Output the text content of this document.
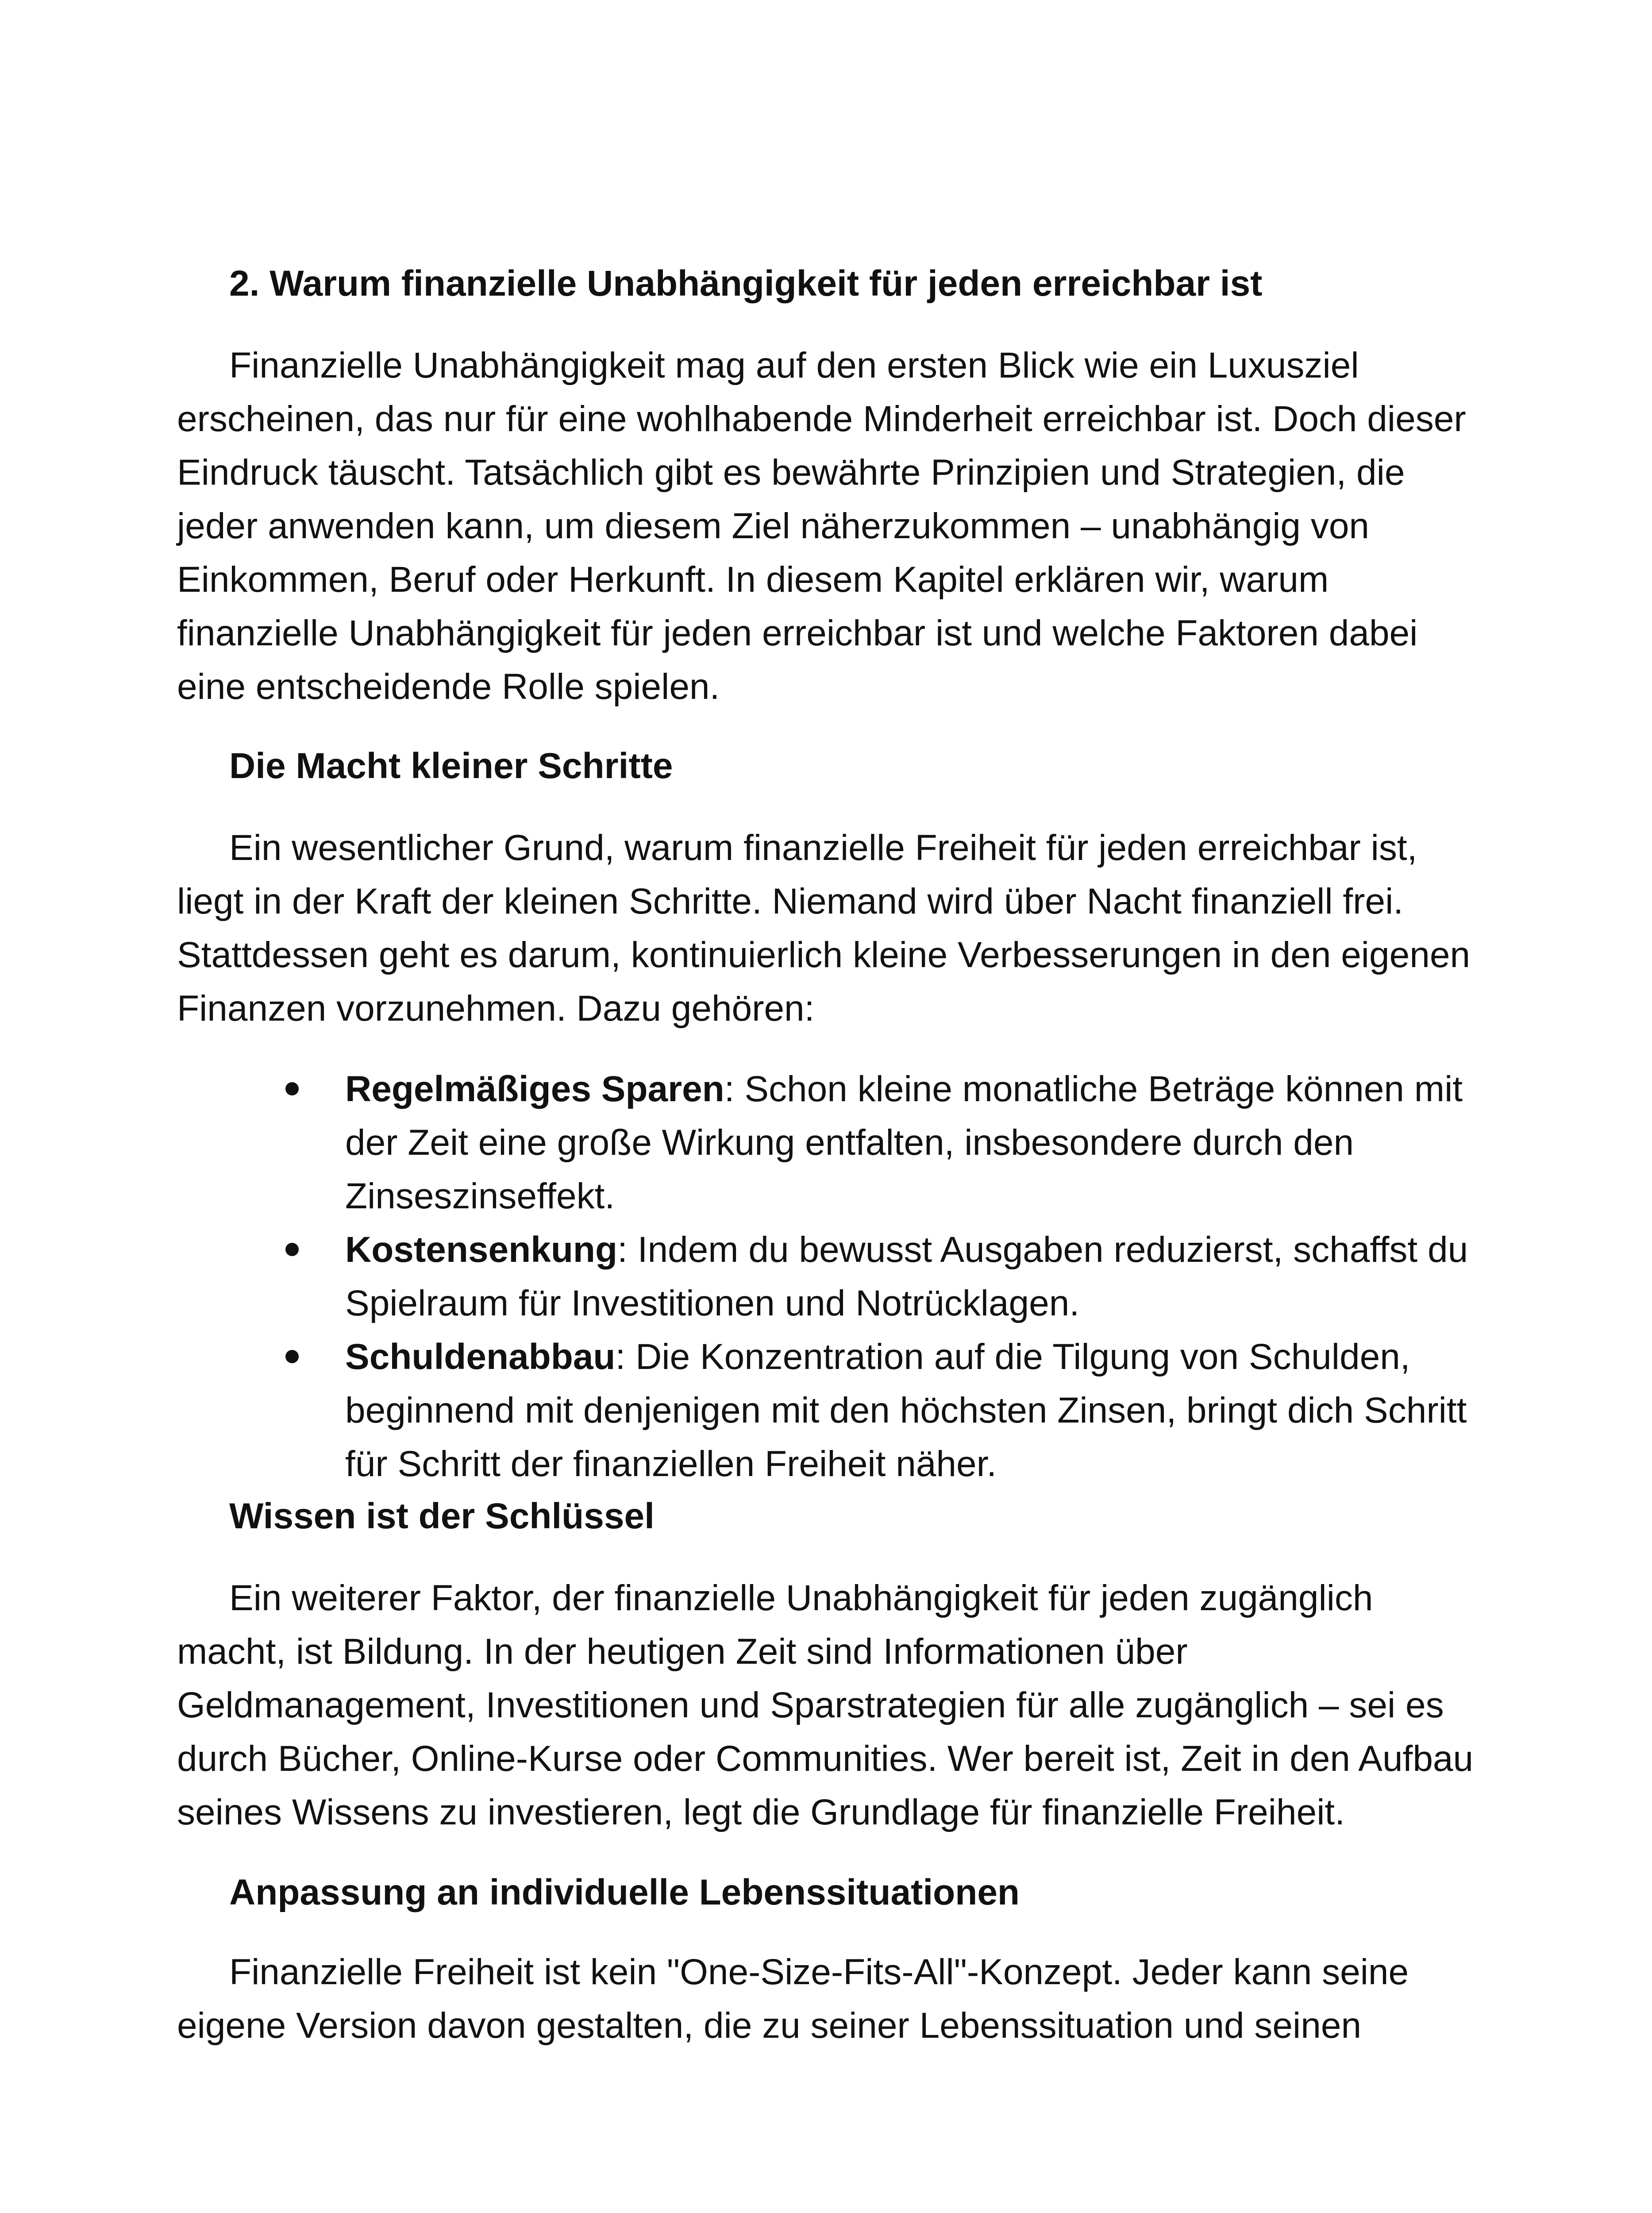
2. Warum finanzielle Unabhängigkeit für jeden erreichbar ist

Finanzielle Unabhängigkeit mag auf den ersten Blick wie ein Luxusziel erscheinen, das nur für eine wohlhabende Minderheit erreichbar ist. Doch dieser Eindruck täuscht. Tatsächlich gibt es bewährte Prinzipien und Strategien, die jeder anwenden kann, um diesem Ziel näherzukommen – unabhängig von Einkommen, Beruf oder Herkunft. In diesem Kapitel erklären wir, warum finanzielle Unabhängigkeit für jeden erreichbar ist und welche Faktoren dabei eine entscheidende Rolle spielen.

Die Macht kleiner Schritte

Ein wesentlicher Grund, warum finanzielle Freiheit für jeden erreichbar ist, liegt in der Kraft der kleinen Schritte. Niemand wird über Nacht finanziell frei. Stattdessen geht es darum, kontinuierlich kleine Verbesserungen in den eigenen Finanzen vorzunehmen. Dazu gehören:

Regelmäßiges Sparen: Schon kleine monatliche Beträge können mit der Zeit eine große Wirkung entfalten, insbesondere durch den Zinseszinseffekt.
Kostensenkung: Indem du bewusst Ausgaben reduzierst, schaffst du Spielraum für Investitionen und Notrücklagen.
Schuldenabbau: Die Konzentration auf die Tilgung von Schulden, beginnend mit denjenigen mit den höchsten Zinsen, bringt dich Schritt für Schritt der finanziellen Freiheit näher.
Wissen ist der Schlüssel

Ein weiterer Faktor, der finanzielle Unabhängigkeit für jeden zugänglich macht, ist Bildung. In der heutigen Zeit sind Informationen über Geldmanagement, Investitionen und Sparstrategien für alle zugänglich – sei es durch Bücher, Online-Kurse oder Communities. Wer bereit ist, Zeit in den Aufbau seines Wissens zu investieren, legt die Grundlage für finanzielle Freiheit.

Anpassung an individuelle Lebenssituationen

Finanzielle Freiheit ist kein "One-Size-Fits-All"-Konzept. Jeder kann seine eigene Version davon gestalten, die zu seiner Lebenssituation und seinen
